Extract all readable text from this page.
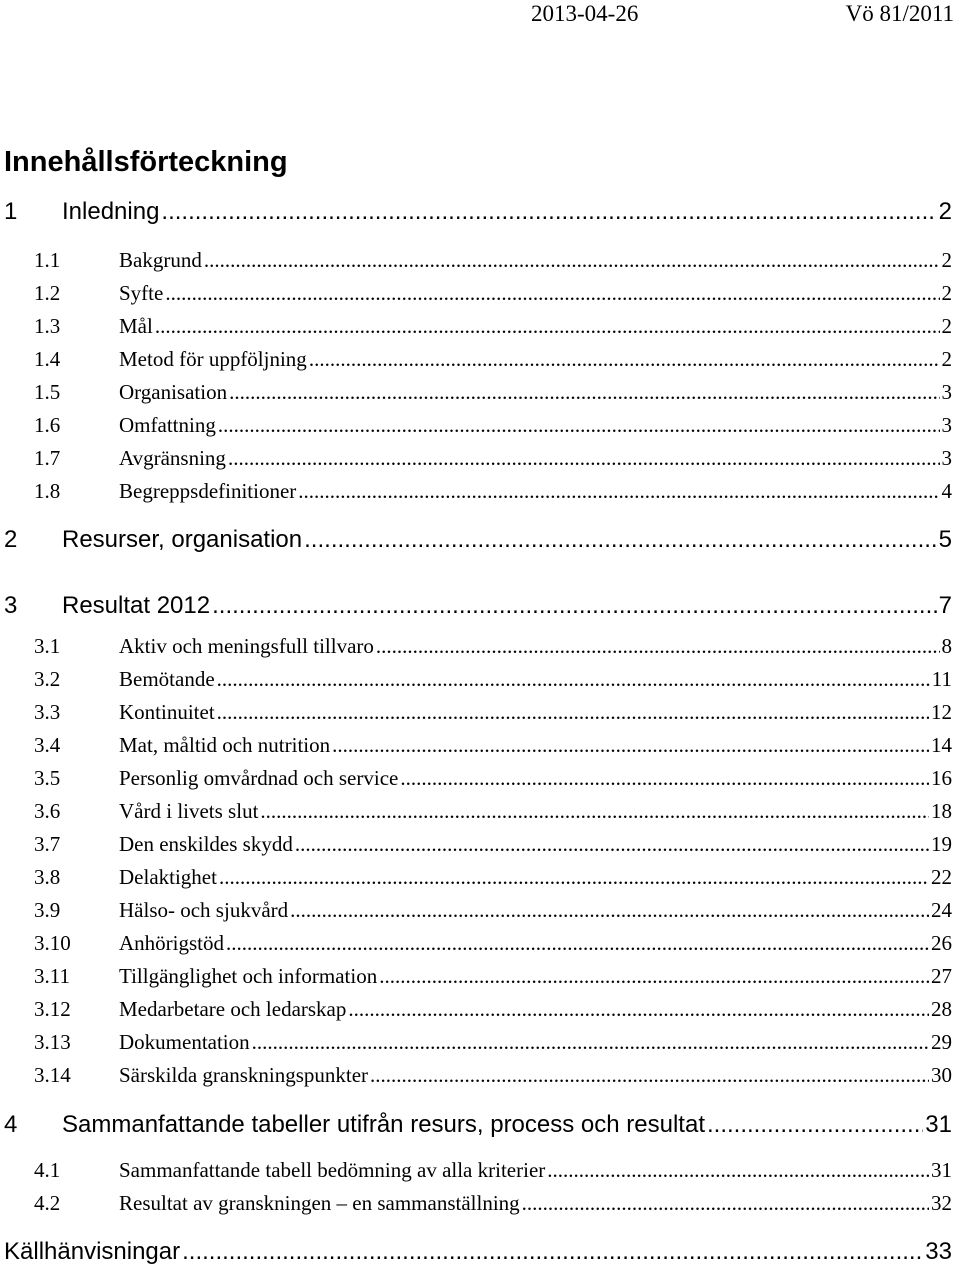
2013-04-26	Vö 81/2011
Innehållsförteckning
1	Inledning .....	2
1.1	Bakgrund .....	2
1.2	Syfte .....	2
1.3	Mål .....	2
1.4	Metod för uppföljning .....	2
1.5	Organisation .....	3
1.6	Omfattning .....	3
1.7	Avgränsning .....	3
1.8	Begreppsdefinitioner .....	4
2	Resurser, organisation .....	5
3	Resultat 2012 .....	7
3.1	Aktiv och meningsfull tillvaro .....	8
3.2	Bemötande .....	11
3.3	Kontinuitet .....	12
3.4	Mat, måltid och nutrition .....	14
3.5	Personlig omvårdnad och service .....	16
3.6	Vård i livets slut .....	18
3.7	Den enskildes skydd .....	19
3.8	Delaktighet .....	22
3.9	Hälso- och sjukvård .....	24
3.10	Anhörigstöd .....	26
3.11	Tillgänglighet och information .....	27
3.12	Medarbetare och ledarskap .....	28
3.13	Dokumentation .....	29
3.14	Särskilda granskningspunkter .....	30
4	Sammanfattande tabeller utifrån resurs, process och resultat .....	31
4.1	Sammanfattande tabell bedömning av alla kriterier .....	31
4.2	Resultat av granskningen – en sammanställning .....	32
Källhänvisningar .....	33
